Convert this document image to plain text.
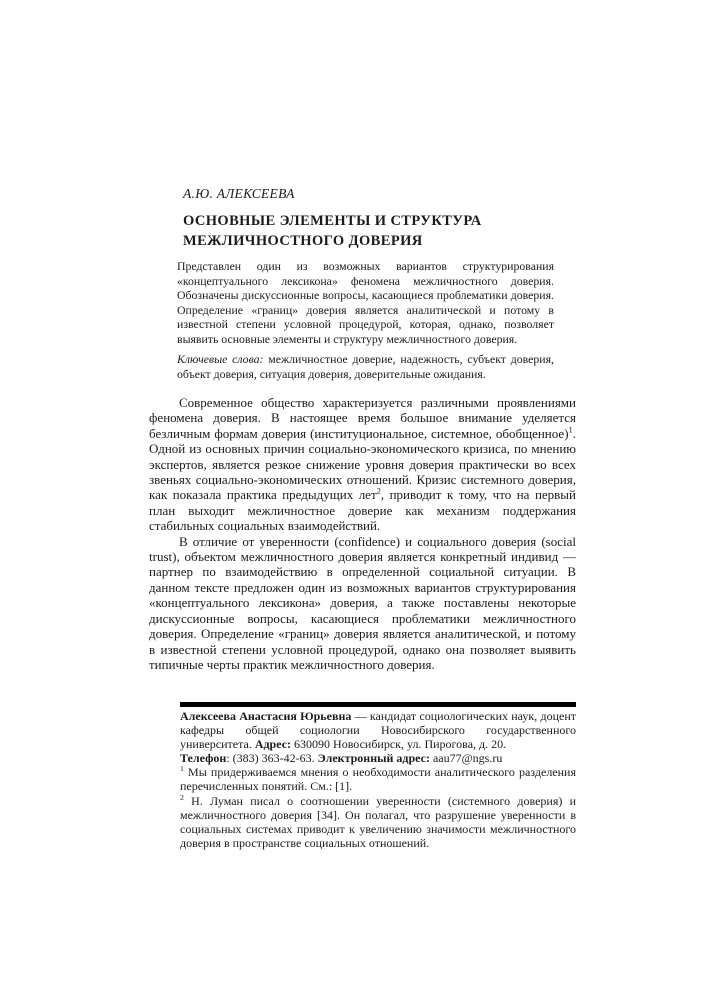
А.Ю. АЛЕКСЕЕВА
ОСНОВНЫЕ ЭЛЕМЕНТЫ И СТРУКТУРА МЕЖЛИЧНОСТНОГО ДОВЕРИЯ
Представлен один из возможных вариантов структурирования «концептуального лексикона» феномена межличностного доверия. Обозначены дискуссионные вопросы, касающиеся проблематики доверия. Определение «границ» доверия является аналитической и потому в известной степени условной процедурой, которая, однако, позволяет выявить основные элементы и структуру межличностного доверия.
Ключевые слова: межличностное доверие, надежность, субъект доверия, объект доверия, ситуация доверия, доверительные ожидания.

Современное общество характеризуется различными проявлениями феномена доверия. В настоящее время большое внимание уделяется безличным формам доверия (институциональное, системное, обобщенное)$^1$. Одной из основных причин социально-экономического кризиса, по мнению экспертов, является резкое снижение уровня доверия практически во всех звеньях социально-экономических отношений. Кризис системного доверия, как показала практика предыдущих лет$^2$, приводит к тому, что на первый план выходит межличностное доверие как механизм поддержания стабильных социальных взаимодействий.

В отличие от уверенности (confidence) и социального доверия (social trust), объектом межличностного доверия является конкретный индивид — партнер по взаимодействию в определенной социальной ситуации. В данном тексте предложен один из возможных вариантов структурирования «концептуального лексикона» доверия, а также поставлены некоторые дискуссионные вопросы, касающиеся проблематики межличностного доверия. Определение «границ» доверия является аналитической, и потому в известной степени условной процедурой, однако она позволяет выявить типичные черты практик межличностного доверия.

Алексеева Анастасия Юрьевна — кандидат социологических наук, доцент кафедры общей социологии Новосибирского государственного университета. Адрес: 630090 Новосибирск, ул. Пирогова, д. 20.
Телефон: (383) 363-42-63. Электронный адрес: aau77@ngs.ru
$^1$ Мы придерживаемся мнения о необходимости аналитического разделения перечисленных понятий. См.: [1].
$^2$ Н. Луман писал о соотношении уверенности (системного доверия) и межличностного доверия [34]. Он полагал, что разрушение уверенности в социальных системах приводит к увеличению значимости межличностного доверия в пространстве социальных отношений.
